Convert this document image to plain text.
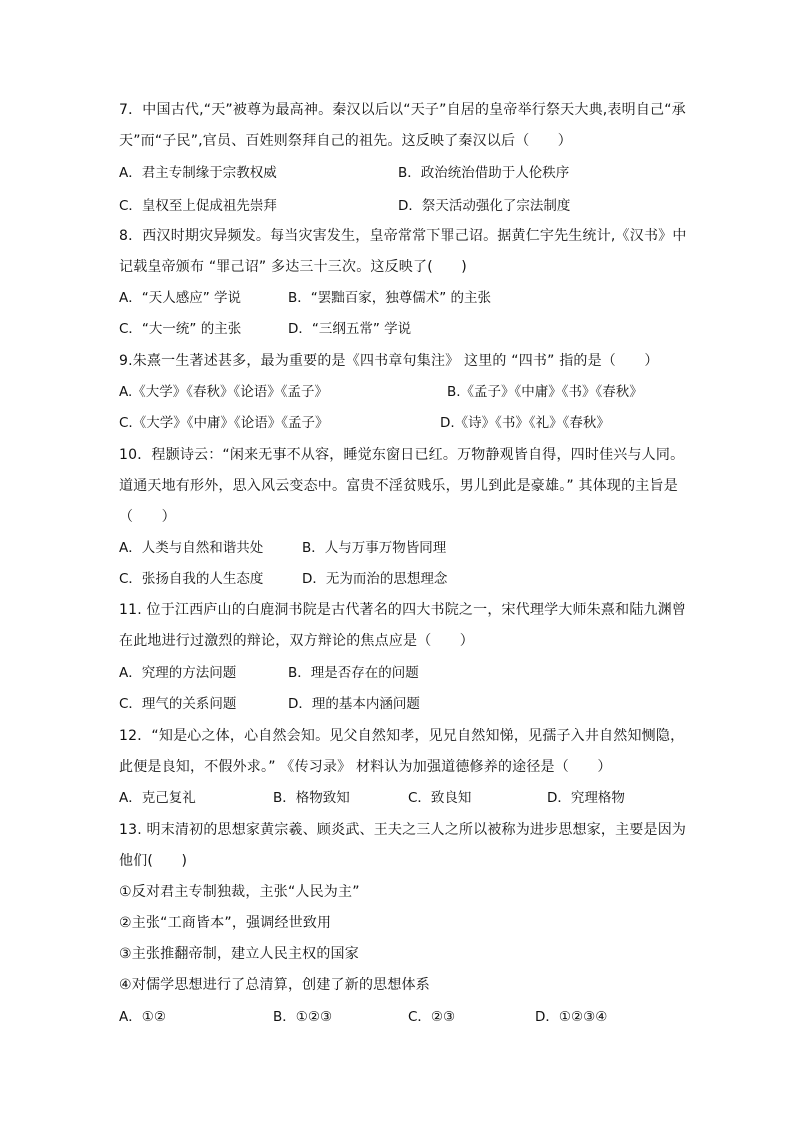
7．中国古代,“天”被尊为最高神。秦汉以后以“天子”自居的皇帝举行祭天大典,表明自己“承
天”而“子民”,官员、百姓则祭拜自己的祖先。这反映了秦汉以后（　　）
A．君主专制缘于宗教权威	B．政治统治借助于人伦秩序
C．皇权至上促成祖先崇拜	D．祭天活动强化了宗法制度
8．西汉时期灾异频发。每当灾害发生，皇帝常常下罪己诏。据黄仁宇先生统计,《汉书》中
记载皇帝颁布 “罪己诏” 多达三十三次。这反映了(　　)
A．“天人感应” 学说	B．“罢黜百家，独尊儒术” 的主张
C．“大一统” 的主张	D．“三纲五常” 学说
9.朱熹一生著述甚多，最为重要的是《四书章句集注》 这里的 “四书” 指的是（　　）
A.《大学》《春秋》《论语》《孟子》	B.《孟子》《中庸》《书》《春秋》
C.《大学》《中庸》《论语》《孟子》	D.《诗》《书》《礼》《春秋》
10．程颢诗云：“闲来无事不从容，睡觉东窗日已红。万物静观皆自得，四时佳兴与人同。
道通天地有形外，思入风云变态中。富贵不淫贫贱乐，男儿到此是豪雄。” 其体现的主旨是
（　　）
A．人类与自然和谐共处	B．人与万事万物皆同理
C．张扬自我的人生态度	D．无为而治的思想理念
11. 位于江西庐山的白鹿洞书院是古代著名的四大书院之一，宋代理学大师朱熹和陆九渊曾
在此地进行过激烈的辩论，双方辩论的焦点应是（　　）
A．究理的方法问题	B．理是否存在的问题
C．理气的关系问题	D．理的基本内涵问题
12．“知是心之体，心自然会知。见父自然知孝，见兄自然知悌，见孺子入井自然知恻隐，
此便是良知，不假外求。” 《传习录》 材料认为加强道德修养的途径是（　　）
A．克己复礼	B．格物致知	C．致良知	D．究理格物
13. 明末清初的思想家黄宗羲、顾炎武、王夫之三人之所以被称为进步思想家，主要是因为
他们(　　)
①反对君主专制独裁，主张“人民为主”
②主张“工商皆本”，强调经世致用
③主张推翻帝制，建立人民主权的国家
④对儒学思想进行了总清算，创建了新的思想体系
A．①②	B．①②③	C．②③	D．①②③④
